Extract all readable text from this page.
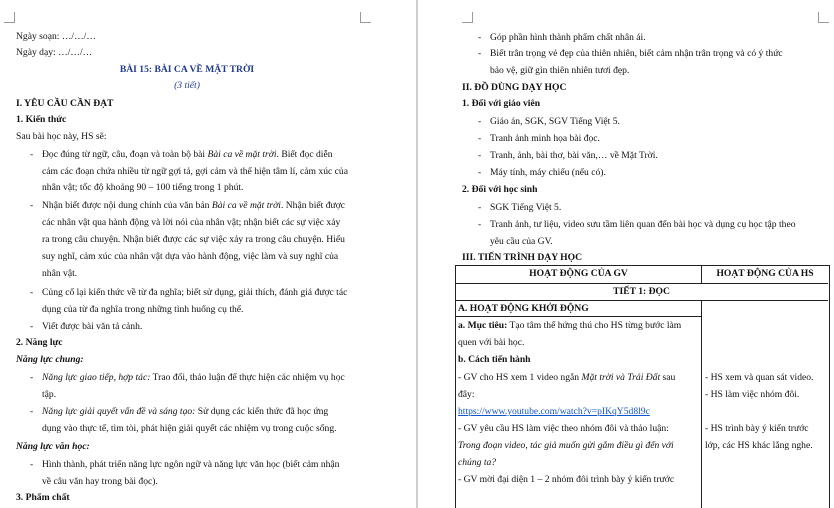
Ngày soạn: …/…/…
Ngày dạy: …/…/…
BÀI 15: BÀI CA VỀ MẶT TRỜI
(3 tiết)
I. YÊU CẦU CẦN ĐẠT
1. Kiến thức
Sau bài học này, HS sẽ:
- Đọc đúng từ ngữ, câu, đoạn và toàn bộ bài Bài ca về mặt trời. Biết đọc diễn
cảm các đoạn chứa nhiều từ ngữ gợi tả, gợi cảm và thể hiện tâm lí, cảm xúc của
nhân vật; tốc độ khoảng 90 – 100 tiếng trong 1 phút.
- Nhận biết được nội dung chính của văn bản Bài ca về mặt trời. Nhận biết được
các nhân vật qua hành động và lời nói của nhân vật; nhận biết các sự việc xảy
ra trong câu chuyện. Nhận biết được các sự việc xảy ra trong câu chuyện. Hiểu
suy nghĩ, cảm xúc của nhân vật dựa vào hành động, việc làm và suy nghĩ của
nhân vật.
- Củng cố lại kiến thức về từ đa nghĩa; biết sử dụng, giải thích, đánh giá được tác
dụng của từ đa nghĩa trong những tình huống cụ thể.
- Viết được bài văn tả cảnh.
2. Năng lực
Năng lực chung:
- Năng lực giao tiếp, hợp tác: Trao đổi, thảo luận để thực hiện các nhiệm vụ học
tập.
- Năng lực giải quyết vấn đề và sáng tạo: Sử dụng các kiến thức đã học ứng
dụng vào thực tế, tìm tòi, phát hiện giải quyết các nhiệm vụ trong cuộc sống.
Năng lực văn học:
- Hình thành, phát triển năng lực ngôn ngữ và năng lực văn học (biết cảm nhận
về câu văn hay trong bài đọc).
3. Phẩm chất
- Góp phần hình thành phẩm chất nhân ái.
- Biết trân trọng vẻ đẹp của thiên nhiên, biết cảm nhận trân trọng và có ý thức
bảo vệ, giữ gìn thiên nhiên tươi đẹp.
II. ĐỒ DÙNG DẠY HỌC
1. Đối với giáo viên
- Giáo án, SGK, SGV Tiếng Việt 5.
- Tranh ảnh minh họa bài đọc.
- Tranh, ảnh, bài thơ, bài văn,… về Mặt Trời.
- Máy tính, máy chiếu (nếu có).
2. Đối với học sinh
- SGK Tiếng Việt 5.
- Tranh ảnh, tư liệu, video sưu tầm liên quan đến bài học và dụng cụ học tập theo
yêu cầu của GV.
III. TIẾN TRÌNH DẠY HỌC
HOẠT ĐỘNG CỦA GV	HOẠT ĐỘNG CỦA HS
TIẾT 1: ĐỌC
A. HOẠT ĐỘNG KHỞI ĐỘNG
a. Mục tiêu: Tạo tâm thế hứng thú cho HS từng bước làm
quen với bài học.
b. Cách tiến hành
- GV cho HS xem 1 video ngắn Mặt trời và Trái Đất sau
đây:
https://www.youtube.com/watch?v=pIKqY5d8l9c
- GV yêu cầu HS làm việc theo nhóm đôi và thảo luận:
Trong đoạn video, tác giả muốn gửi gắm điều gì đến với
chúng ta?
- GV mời đại diện 1 – 2 nhóm đôi trình bày ý kiến trước
- HS xem và quan sát video.
- HS làm việc nhóm đôi.
- HS trình bày ý kiến trước
lớp, các HS khác lắng nghe.
